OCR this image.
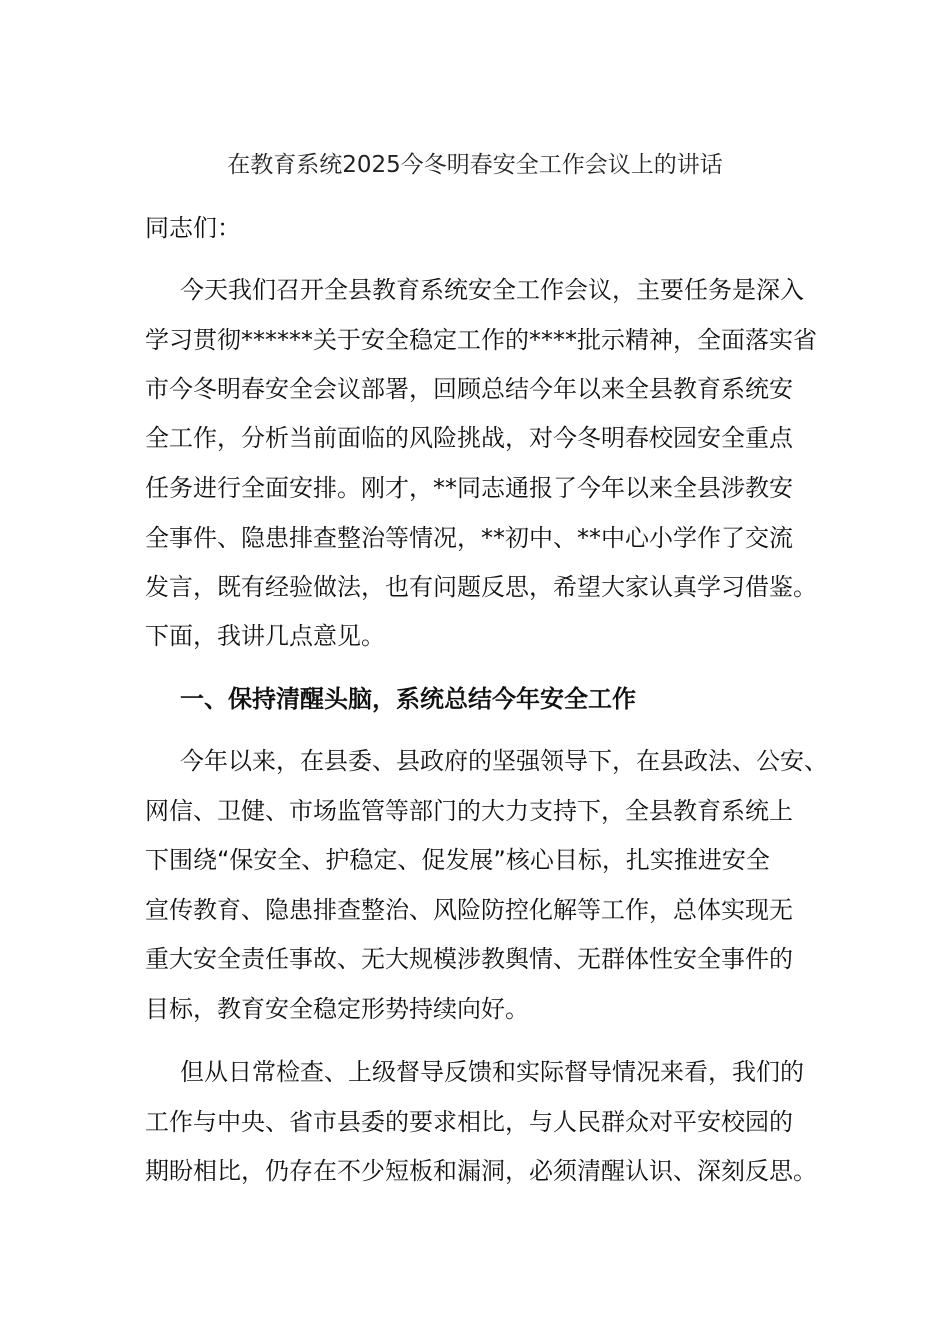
在教育系统2025今冬明春安全工作会议上的讲话
同志们：
今天我们召开全县教育系统安全工作会议，主要任务是深入
学习贯彻******关于安全稳定工作的****批示精神，全面落实省
市今冬明春安全会议部署，回顾总结今年以来全县教育系统安
全工作，分析当前面临的风险挑战，对今冬明春校园安全重点
任务进行全面安排。刚才，**同志通报了今年以来全县涉教安
全事件、隐患排查整治等情况，**初中、**中心小学作了交流
发言，既有经验做法，也有问题反思，希望大家认真学习借鉴。
下面，我讲几点意见。
一、保持清醒头脑，系统总结今年安全工作
今年以来，在县委、县政府的坚强领导下，在县政法、公安、
网信、卫健、市场监管等部门的大力支持下，全县教育系统上
下围绕“保安全、护稳定、促发展”核心目标，扎实推进安全
宣传教育、隐患排查整治、风险防控化解等工作，总体实现无
重大安全责任事故、无大规模涉教舆情、无群体性安全事件的
目标，教育安全稳定形势持续向好。
但从日常检查、上级督导反馈和实际督导情况来看，我们的
工作与中央、省市县委的要求相比，与人民群众对平安校园的
期盼相比，仍存在不少短板和漏洞，必须清醒认识、深刻反思。
